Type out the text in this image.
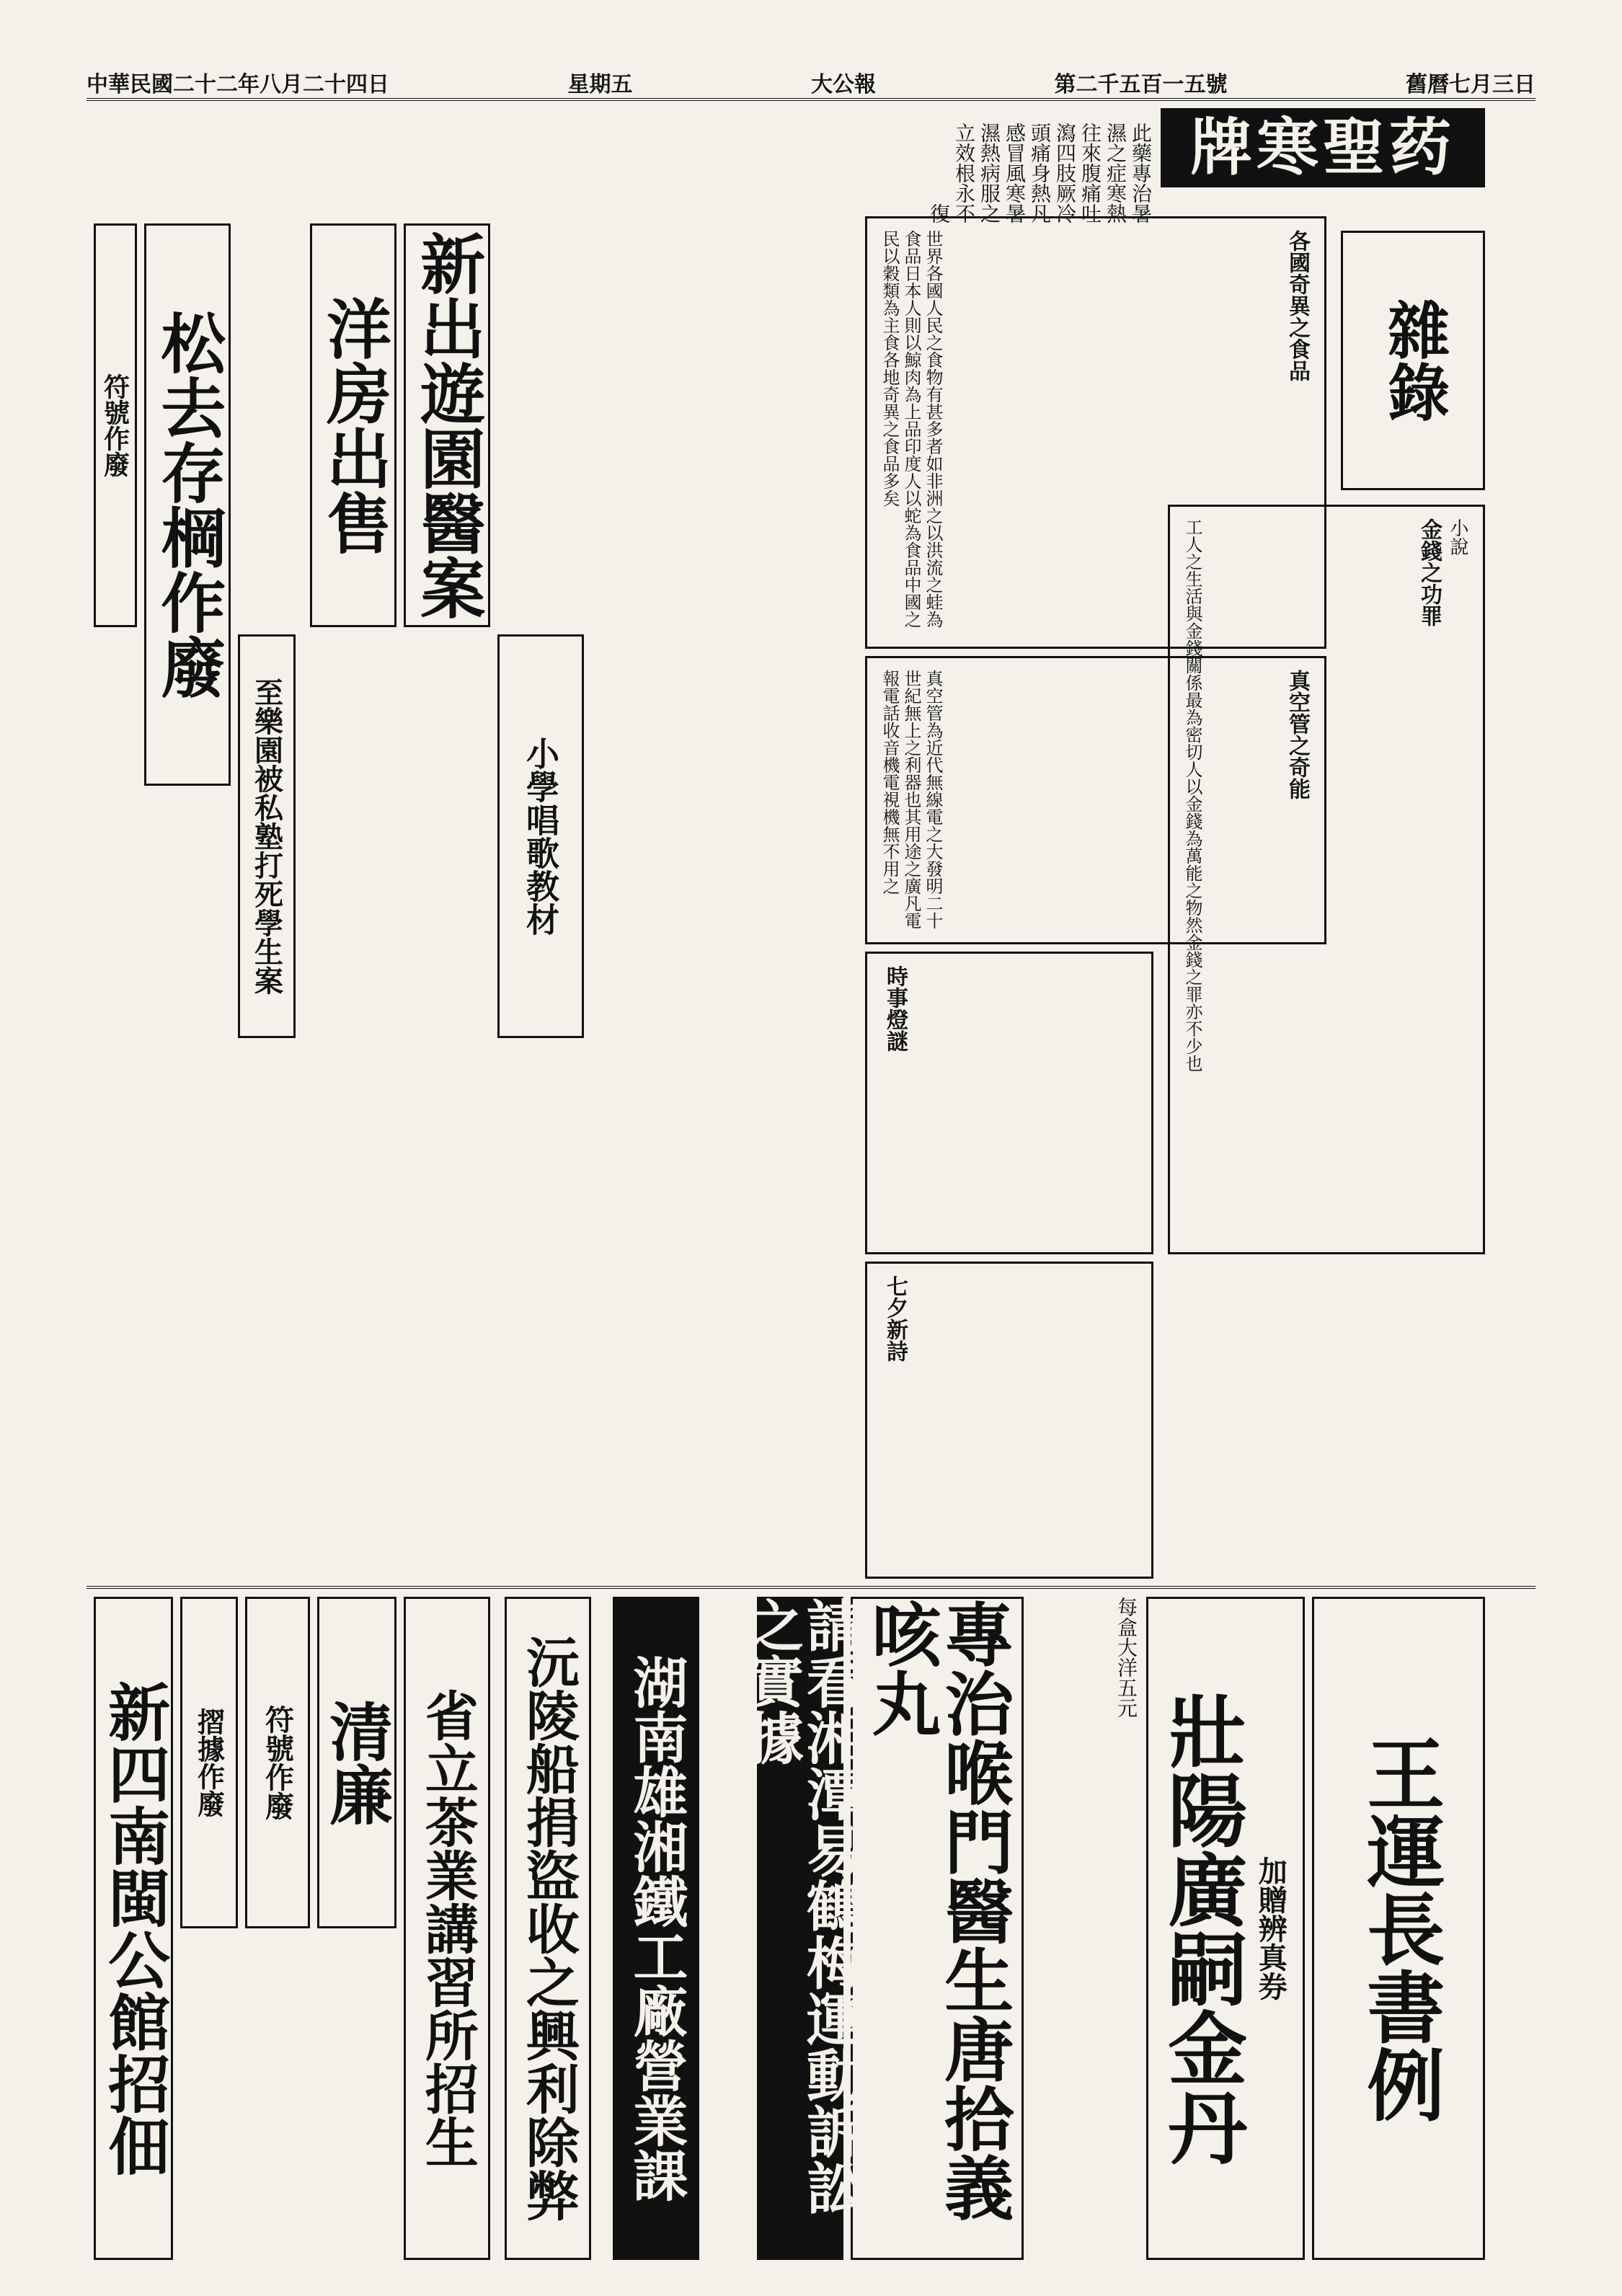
中華民國二十二年八月二十四日	星期五	大公報	第二千五百一五號	舊曆七月三日
牌寒聖药
此藥專治暑濕之症寒熱往來腹痛吐瀉四肢厥冷頭痛身熱凡感冒風寒暑濕熱病服之立效根永不復
雜錄
各國奇異之食品
世界各國人民之食物有甚多者如非洲之以洪流之蛙為食品日本人則以鯨肉為上品印度人以蛇為食品中國之民以穀類為主食各地奇異之食品多矣
真空管之奇能
真空管為近代無線電之大發明二十世紀無上之利器也其用途之廣凡電報電話收音機電視機無不用之
小說
金錢之功罪
工人之生活與金錢關係最為密切人以金錢為萬能之物然金錢之罪亦不少也
時事燈謎
七夕新詩
新出遊園醫案
洋房出售
小學唱歌教材
松去存棡作廢
至樂園被私塾打死學生案
符號作廢
王運長書例
壯陽廣嗣金丹 加贈辨真券
每盒大洋五元
專治喉門醫生唐拾義咳丸
請看湘潭易鶴梅運動訴訟之實據
湖南雄湘鐵工廠營業課
沅陵船捐盜收之興利除弊
省立茶業講習所招生
清廉
符號作廢
摺據作廢
新四南閩公館招佃
